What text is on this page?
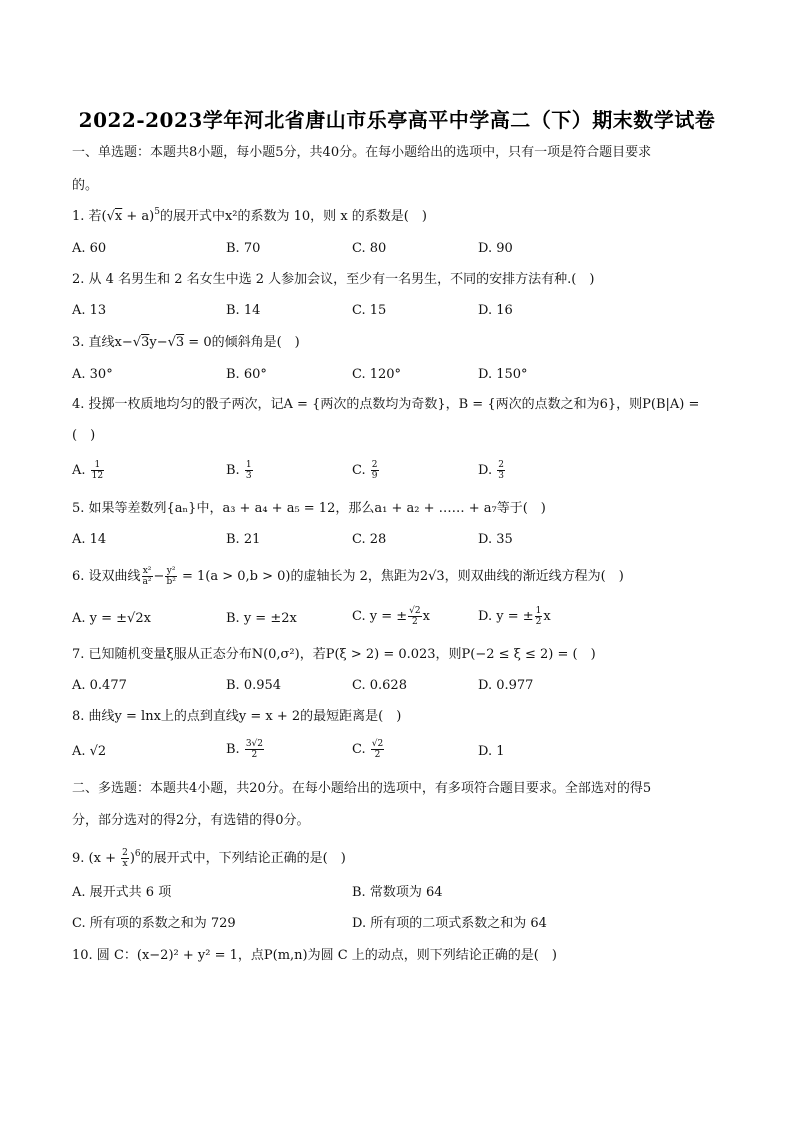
2022-2023学年河北省唐山市乐亭高平中学高二（下）期末数学试卷
一、单选题：本题共8小题，每小题5分，共40分。在每小题给出的选项中，只有一项是符合题目要求
的。
1. 若$(√x + a)^5$的展开式中x²的系数为 10，则 x 的系数是(　)
A. 60	B. 70	C. 80	D. 90
2. 从 4 名男生和 2 名女生中选 2 人参加会议，至少有一名男生，不同的安排方法有种.(　)
A. 13	B. 14	C. 15	D. 16
3. 直线x−√3y−√3 = 0的倾斜角是(　)
A. 30°	B. 60°	C. 120°	D. 150°
4. 投掷一枚质地均匀的骰子两次，记A = {两次的点数均为奇数}，B = {两次的点数之和为6}，则P(B|A) =
(　)
A. $\frac{1}{12}$	B. $\frac{1}{3}$	C. $\frac{2}{9}$	D. $\frac{2}{3}$
5. 如果等差数列{aₙ}中，a₃ + a₄ + a₅ = 12，那么a₁ + a₂ + …… + a₇等于(　)
A. 14	B. 21	C. 28	D. 35
6. 设双曲线 $\frac{\text{x²}}{\text{a²}} - \frac{\text{y²}}{\text{b²}} = 1(a > 0,b > 0)$的虚轴长为 2，焦距为2√3，则双曲线的渐近线方程为(　)
A. y = ±√2x	B. y = ±2x	C. y = ± $\frac{√2}{2}$ x	D. y = ± $\frac{1}{2}$ x
7. 已知随机变量ξ服从正态分布N(0,σ²)，若P(ξ > 2) = 0.023，则P(−2 ≤ ξ ≤ 2) = (　)
A. 0.477	B. 0.954	C. 0.628	D. 0.977
8. 曲线y = lnx上的点到直线y = x + 2的最短距离是(　)
A. √2	B. $\frac{3√2}{2}$	C. $\frac{√2}{2}$	D. 1
二、多选题：本题共4小题，共20分。在每小题给出的选项中，有多项符合题目要求。全部选对的得5
分，部分选对的得2分，有选错的得0分。
9. $(x + \frac{2}{x} )^6$的展开式中，下列结论正确的是(　)
A. 展开式共 6 项	B. 常数项为 64
C. 所有项的系数之和为 729	D. 所有项的二项式系数之和为 64
10. 圆 C：(x−2)² + y² = 1，点P(m,n)为圆 C 上的动点，则下列结论正确的是(　)
